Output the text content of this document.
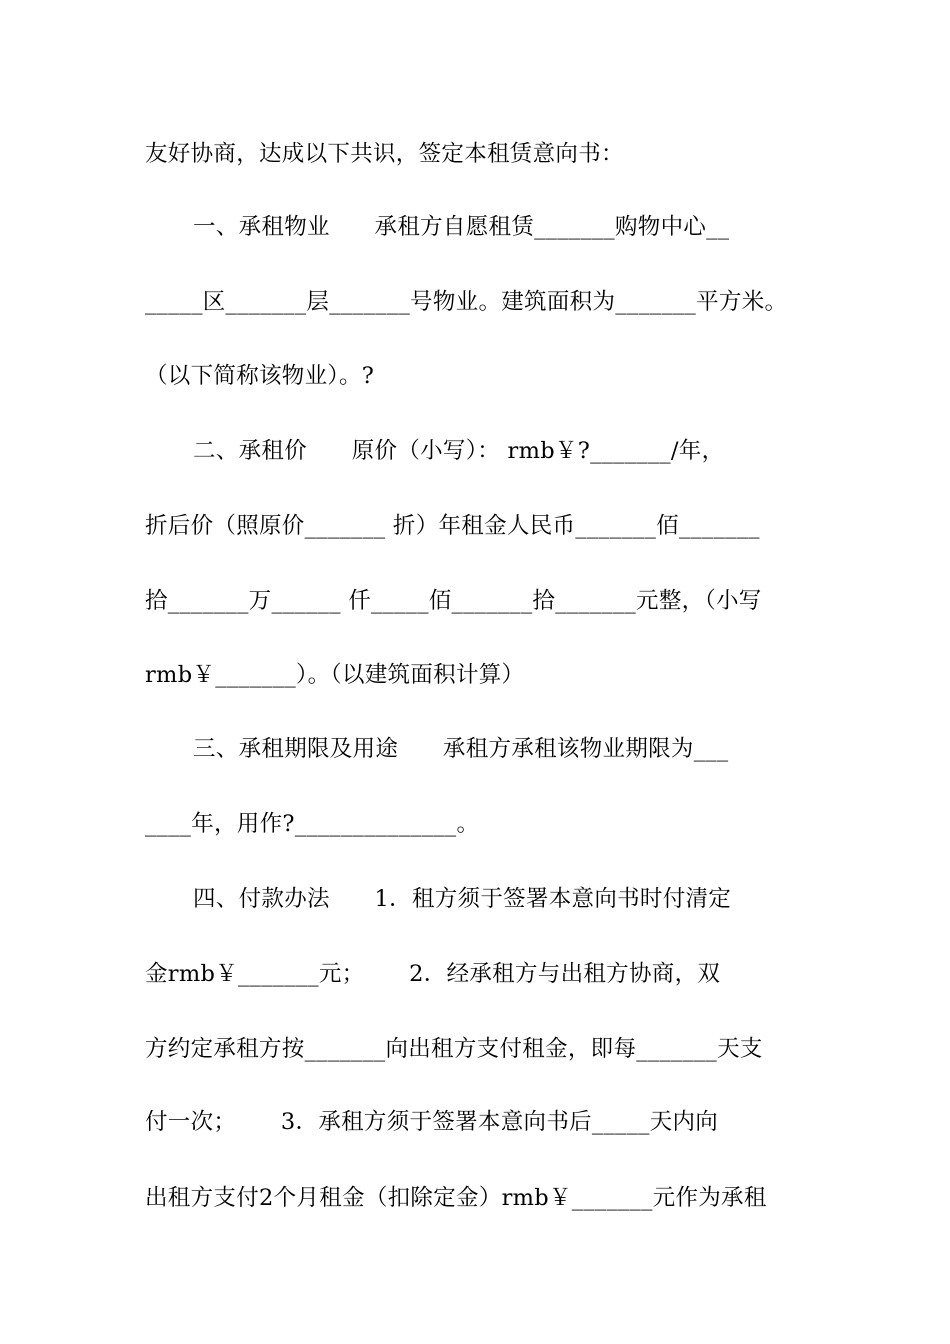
友好协商，达成以下共识，签定本租赁意向书：
一、承租物业      承租方自愿租赁_______购物中心__
_____区_______层_______号物业。建筑面积为_______平方米。
（以下简称该物业）。?
二、承租价      原价（小写）： rmb￥?_______/年，
折后价（照原价_______ 折）年租金人民币_______佰_______
拾_______万______ 仟_____佰_______拾_______元整，（小写
rmb￥_______）。（以建筑面积计算）
三、承租期限及用途      承租方承租该物业期限为___
____年，用作?______________。
四、付款办法      1．租方须于签署本意向书时付清定
金rmb￥_______元；      2．经承租方与出租方协商，双
方约定承租方按_______向出租方支付租金，即每_______天支
付一次；      3．承租方须于签署本意向书后_____天内向
出租方支付2个月租金（扣除定金）rmb￥_______元作为承租
